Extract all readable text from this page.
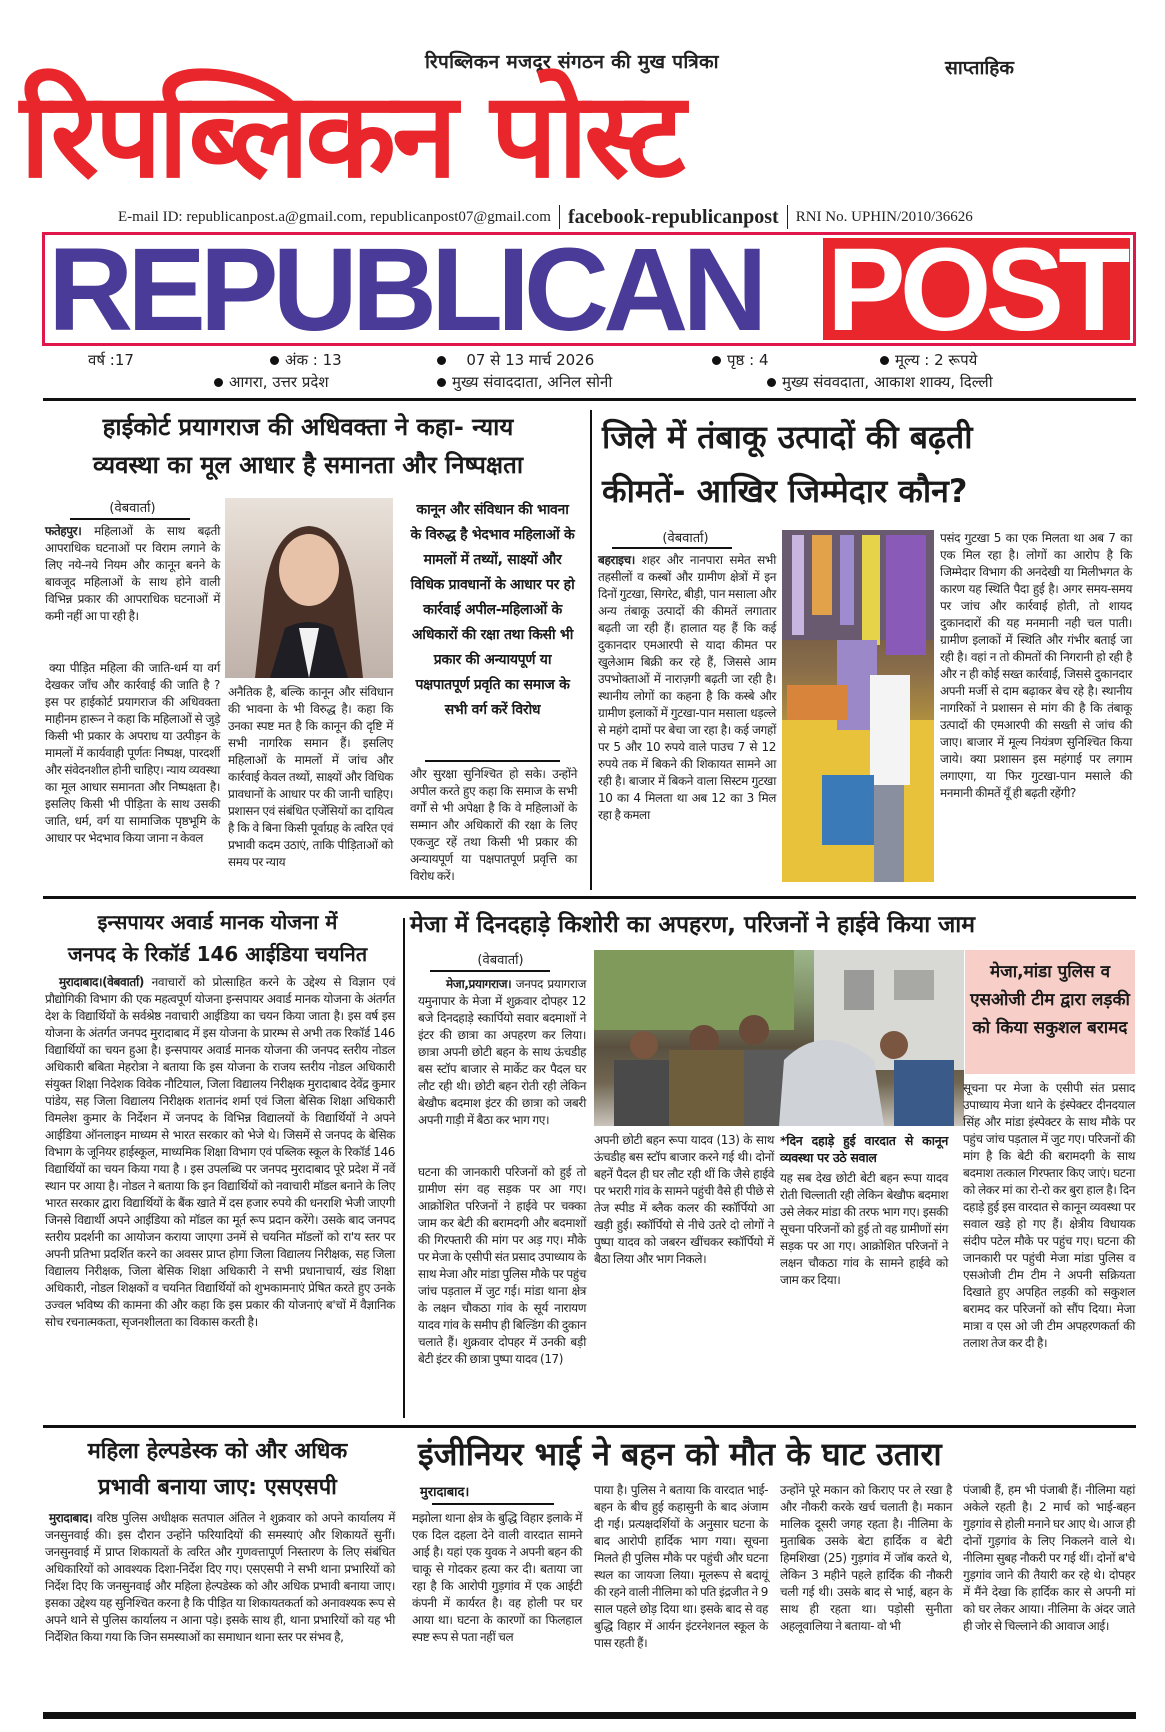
रिपब्लिकन मजदूर संगठन की मुख पत्रिका	साप्ताहिक
रिपब्लिकन पोस्ट
E-mail ID: republicanpost.a@gmail.com, republicanpost07@gmail.com facebook-republicanpost RNI No. UPHIN/2010/36626
REPUBLICAN POST
वर्ष :17	अंक : 13	07 से 13 मार्च 2026	पृष्ठ : 4	मूल्य : 2 रूपये
आगरा, उत्तर प्रदेश	मुख्य संवाददाता, अनिल सोनी	मुख्य संववदाता, आकाश शाक्य, दिल्ली
हाईकोर्ट प्रयागराज की अधिवक्ता ने कहा- न्याय
व्यवस्था का मूल आधार है समानता और निष्पक्षता
(वेबवार्ता)
फतेहपुर। महिलाओं के साथ बढ़ती आपराधिक घटनाओं पर विराम लगाने के लिए नये-नये नियम और कानून बनने के बावजूद महिलाओं के साथ होने वाली विभिन्न प्रकार की आपराधिक घटनाओं में कमी नहीं आ पा रही है।
क्या पीड़ित महिला की जाति-धर्म या वर्ग देखकर जाँच और कार्रवाई की जाति है ? इस पर हाईकोर्ट प्रयागराज की अधिवक्ता माहीनम हारून ने कहा कि महिलाओं से जुड़े किसी भी प्रकार के अपराध या उत्पीड़न के मामलों में कार्यवाही पूर्णतः निष्पक्ष, पारदर्शी और संवेदनशील होनी चाहिए। न्याय व्यवस्था का मूल आधार समानता और निष्पक्षता है। इसलिए किसी भी पीड़िता के साथ उसकी जाति, धर्म, वर्ग या सामाजिक पृष्ठभूमि के आधार पर भेदभाव किया जाना न केवल
अनैतिक है, बल्कि कानून और संविधान की भावना के भी विरुद्ध है। कहा कि उनका स्पष्ट मत है कि कानून की दृष्टि में सभी नागरिक समान हैं। इसलिए महिलाओं के मामलों में जांच और कार्रवाई केवल तथ्यों, साक्ष्यों और विधिक प्रावधानों के आधार पर की जानी चाहिए। प्रशासन एवं संबंधित एजेंसियों का दायित्व है कि वे बिना किसी पूर्वाग्रह के त्वरित एवं प्रभावी कदम उठाएं, ताकि पीड़िताओं को समय पर न्याय
कानून और संविधान की भावना के विरुद्ध है भेदभाव महिलाओं के मामलों में तथ्यों, साक्ष्यों और विधिक प्रावधानों के आधार पर हो कार्रवाई अपील-महिलाओं के अधिकारों की रक्षा तथा किसी भी प्रकार की अन्यायपूर्ण या पक्षपातपूर्ण प्रवृति का समाज के सभी वर्ग करें विरोध
और सुरक्षा सुनिश्चित हो सके। उन्होंने अपील करते हुए कहा कि समाज के सभी वर्गों से भी अपेक्षा है कि वे महिलाओं के सम्मान और अधिकारों की रक्षा के लिए एकजुट रहें तथा किसी भी प्रकार की अन्यायपूर्ण या पक्षपातपूर्ण प्रवृत्ति का विरोध करें।
जिले में तंबाकू उत्पादों की बढ़ती
कीमतें- आखिर जिम्मेदार कौन?
(वेबवार्ता)
बहराइच। शहर और नानपारा समेत सभी तहसीलों व कस्बों और ग्रामीण क्षेत्रों में इन दिनों गुटखा, सिगरेट, बीड़ी, पान मसाला और अन्य तंबाकू उत्पादों की कीमतें लगातार बढ़ती जा रही हैं। हालात यह हैं कि कई दुकानदार एमआरपी से यादा कीमत पर खुलेआम बिक्री कर रहे हैं, जिससे आम उपभोक्ताओं में नाराज़गी बढ़ती जा रही है। स्थानीय लोगों का कहना है कि कस्बे और ग्रामीण इलाकों में गुटखा-पान मसाला धड़ल्ले से महंगे दामों पर बेचा जा रहा है। कई जगहों पर 5 और 10 रुपये वाले पाउच 7 से 12 रुपये तक में बिकने की शिकायत सामने आ रही है। बाजार में बिकने वाला सिस्टम गुटखा 10 का 4 मिलता था अब 12 का 3 मिल रहा है कमला
पसंद गुटखा 5 का एक मिलता था अब 7 का एक मिल रहा है। लोगों का आरोप है कि जिम्मेदार विभाग की अनदेखी या मिलीभगत के कारण यह स्थिति पैदा हुई है। अगर समय-समय पर जांच और कार्रवाई होती, तो शायद दुकानदारों की यह मनमानी नही चल पाती। ग्रामीण इलाकों में स्थिति और गंभीर बताई जा रही है। वहां न तो कीमतों की निगरानी हो रही है और न ही कोई सख्त कार्रवाई, जिससे दुकानदार अपनी मर्जी से दाम बढ़ाकर बेच रहे है। स्थानीय नागरिकों ने प्रशासन से मांग की है कि तंबाकू उत्पादों की एमआरपी की सख्ती से जांच की जाए। बाजार में मूल्य नियंत्रण सुनिश्चित किया जाये। क्या प्रशासन इस महंगाई पर लगाम लगाएगा, या फिर गुटखा-पान मसाले की मनमानी कीमतें यूँ ही बढ़ती रहेंगी?
इन्सपायर अवार्ड मानक योजना में
जनपद के रिकॉर्ड 146 आईडिया चयनित
मुरादाबाद।(वेबवार्ता) नवाचारों को प्रोत्साहित करने के उद्देश्य से विज्ञान एवं प्रौद्योगिकी विभाग की एक महत्वपूर्ण योजना इन्सपायर अवार्ड मानक योजना के अंतर्गत देश के विद्यार्थियों के सर्वश्रेष्ठ नवाचारी आईडिया का चयन किया जाता है। इस वर्ष इस योजना के अंतर्गत जनपद मुरादाबाद में इस योजना के प्रारम्भ से अभी तक रिकॉर्ड 146 विद्यार्थियों का चयन हुआ है। इन्सपायर अवार्ड मानक योजना की जनपद स्तरीय नोडल अधिकारी बबिता मेहरोत्रा ने बताया कि इस योजना के राजय स्तरीय नोडल अधिकारी संयुक्त शिक्षा निदेशक विवेक नौटियाल, जिला विद्यालय निरीक्षक मुरादाबाद देवेंद्र कुमार पांडेय, सह जिला विद्यालय निरीक्षक शतानंद शर्मा एवं जिला बेसिक शिक्षा अधिकारी विमलेश कुमार के निर्देशन में जनपद के विभिन्न विद्यालयों के विद्यार्थियों ने अपने आईडिया ऑनलाइन माध्यम से भारत सरकार को भेजे थे। जिसमें से जनपद के बेसिक विभाग के जूनियर हाईस्कूल, माध्यमिक शिक्षा विभाग एवं पब्लिक स्कूल के रिकॉर्ड 146 विद्यार्थियों का चयन किया गया है । इस उपलब्धि पर जनपद मुरादाबाद पूरे प्रदेश में नवें स्थान पर आया है। नोडल ने बताया कि इन विद्यार्थियों को नवाचारी मॉडल बनाने के लिए भारत सरकार द्वारा विद्यार्थियों के बैंक खाते में दस हजार रुपये की धनराशि भेजी जाएगी जिनसे विद्यार्थी अपने आईडिया को मॉडल का मूर्त रूप प्रदान करेंगे। उसके बाद जनपद स्तरीय प्रदर्शनी का आयोजन कराया जाएगा उनमें से चयनित मॉडलों को रा'य स्तर पर अपनी प्रतिभा प्रदर्शित करने का अवसर प्राप्त होगा जिला विद्यालय निरीक्षक, सह जिला विद्यालय निरीक्षक, जिला बेसिक शिक्षा अधिकारी ने सभी प्रधानाचार्य, खंड शिक्षा अधिकारी, नोडल शिक्षकों व चयनित विद्यार्थियों को शुभकामनाएं प्रेषित करते हुए उनके उ‍ज्वल भविष्य की कामना की और कहा कि इस प्रकार की योजनाएं ब'चों में वैज्ञानिक सोच रचनात्मकता, सृजनशीलता का विकास करती है।
मेजा में दिनदहाड़े किशोरी का अपहरण, परिजनों ने हाईवे किया जाम
(वेबवार्ता)
मेजा,प्रयागराज। जनपद प्रयागराज यमुनापार के मेजा में शुक्रवार दोपहर 12 बजे दिनदहाड़े स्कार्पियो सवार बदमाशों ने इंटर की छात्रा का अपहरण कर लिया। छात्रा अपनी छोटी बहन के साथ ऊंचडीह बस स्टॉप बाजार से मार्केट कर पैदल घर लौट रही थी। छोटी बहन रोती रही लेकिन बेखौफ बदमाश इंटर की छात्रा को जबरी अपनी गाड़ी में बैठा कर भाग गए।
घटना की जानकारी परिजनों को हुई तो ग्रामीण संग वह सड़क पर आ गए। आक्रोशित परिजनों ने हाईवे पर चक्का जाम कर बेटी की बरामदगी और बदमाशों की गिरफ्तारी की मांग पर अड़ गए। मौके पर मेजा के एसीपी संत प्रसाद उपाध्याय के साथ मेजा और मांडा पुलिस मौके पर पहुंच जांच पड़ताल में जुट गई। मांडा थाना क्षेत्र के लक्षन चौकठा गांव के सूर्य नारायण यादव गांव के समीप ही बिल्डिंग की दुकान चलाते हैं। शुक्रवार दोपहर में उनकी बड़ी बेटी इंटर की छात्रा पुष्पा यादव (17)
अपनी छोटी बहन रूपा यादव (13) के साथ ऊंचडीह बस स्टॉप बाजार करने गई थी। दोनों बहनें पैदल ही घर लौट रही थीं कि जैसे हाईवे पर भरारी गांव के सामने पहुंची वैसे ही पीछे से तेज स्पीड में ब्लैक कलर की स्कॉर्पियो आ खड़ी हुई। स्कॉर्पियो से नीचे उतरे दो लोगों ने पुष्पा यादव को जबरन खींचकर स्कॉर्पियो में बैठा लिया और भाग निकले।
*दिन दहाड़े हुई वारदात से कानून व्यवस्था पर उठे सवाल
यह सब देख छोटी बेटी बहन रूपा यादव रोती चिल्लाती रही लेकिन बेखौफ बदमाश उसे लेकर मांडा की तरफ भाग गए। इसकी सूचना परिजनों को हुई तो वह ग्रामीणों संग सड़क पर आ गए। आक्रोशित परिजनों ने लक्षन चौकठा गांव के सामने हाईवे को जाम कर दिया।
मेजा,मांडा पुलिस व एसओजी टीम द्वारा लड़की को किया सकुशल बरामद
सूचना पर मेजा के एसीपी संत प्रसाद उपाध्याय मेजा थाने के इंस्पेक्टर दीनदयाल सिंह और मांडा इंस्पेक्टर के साथ मौके पर पहुंच जांच पड़ताल में जुट गए। परिजनों की मांग है कि बेटी की बरामदगी के साथ बदमाश तत्काल गिरफ्तार किए जाएं। घटना को लेकर मां का रो-रो कर बुरा हाल है। दिन दहाड़े हुई इस वारदात से कानून व्यवस्था पर सवाल खड़े हो गए हैं। क्षेत्रीय विधायक संदीप पटेल मौके पर पहुंच गए। घटना की जानकारी पर पहुंची मेजा मांडा पुलिस व एसओजी टीम टीम ने अपनी सक्रियता दिखाते हुए अपहित लड़की को सकुशल बरामद कर परिजनों को सौंप दिया। मेजा मात्रा व एस ओ जी टीम अपहरणकर्ता की तलाश तेज कर दी है।
महिला हेल्पडेस्क को और अधिक
प्रभावी बनाया जाए: एसएसपी
मुरादाबाद। वरिष्ठ पुलिस अधीक्षक सतपाल अंतिल ने शुक्रवार को अपने कार्यालय में जनसुनवाई की। इस दौरान उन्होंने फरियादियों की समस्याएं और शिकायतें सुनीं। जनसुनवाई में प्राप्त शिकायतों के त्वरित और गुणवत्तापूर्ण निस्तारण के लिए संबंधित अधिकारियों को आवश्यक दिशा-निर्देश दिए गए। एसएसपी ने सभी थाना प्रभारियों को निर्देश दिए कि जनसुनवाई और महिला हेल्पडेस्क को और अधिक प्रभावी बनाया जाए। इसका उद्देश्य यह सुनिश्चित करना है कि पीड़ित या शिकायतकर्ता को अनावश्यक रूप से अपने थाने से पुलिस कार्यालय न आना पड़े। इसके साथ ही, थाना प्रभारियों को यह भी निर्देशित किया गया कि जिन समस्याओं का समाधान थाना स्तर पर संभव है,
इंजीनियर भाई ने बहन को मौत के घाट उतारा
मुरादाबाद।
मझोला थाना क्षेत्र के बुद्धि विहार इलाके में एक दिल दहला देने वाली वारदात सामने आई है। यहां एक युवक ने अपनी बहन की चाकू से गोदकर हत्या कर दी। बताया जा रहा है कि आरोपी गुड़गांव में एक आईटी कंपनी में कार्यरत है। वह होली पर घर आया था। घटना के कारणों का फिलहाल स्पष्ट रूप से पता नहीं चल
पाया है। पुलिस ने बताया कि वारदात भाई-बहन के बीच हुई कहासुनी के बाद अंजाम दी गई। प्रत्यक्षदर्शियों के अनुसार घटना के बाद आरोपी हार्दिक भाग गया। सूचना मिलते ही पुलिस मौके पर पहुंची और घटना स्थल का जायजा लिया। मूलरूप से बदायूं की रहने वाली नीलिमा को पति इंद्रजीत ने 9 साल पहले छोड़ दिया था। इसके बाद से वह बुद्धि विहार में आर्यन इंटरनेशनल स्कूल के पास रहती हैं।
उन्होंने पूरे मकान को किराए पर ले रखा है और नौकरी करके खर्च चलाती है। मकान मालिक दूसरी जगह रहता है। नीलिमा के मुताबिक उसके बेटा हार्दिक व बेटी हिमशिखा (25) गुड़गांव में जॉब करते थे, लेकिन 3 महीने पहले हार्दिक की नौकरी चली गई थी। उसके बाद से भाई, बहन के साथ ही रहता था। पड़ोसी सुनीता अहलूवालिया ने बताया- वो भी
पंजाबी हैं, हम भी पंजाबी हैं। नीलिमा यहां अकेले रहती है। 2 मार्च को भाई-बहन गुड़गांव से होली मनाने घर आए थे। आज ही दोनों गुड़गांव के लिए निकलने वाले थे। नीलिमा सुबह नौकरी पर गई थीं। दोनों ब'चे गुड़गांव जाने की तैयारी कर रहे थे। दोपहर में मैंने देखा कि हार्दिक कार से अपनी मां को घर लेकर आया। नीलिमा के अंदर जाते ही जोर से चिल्लाने की आवाज आई।
